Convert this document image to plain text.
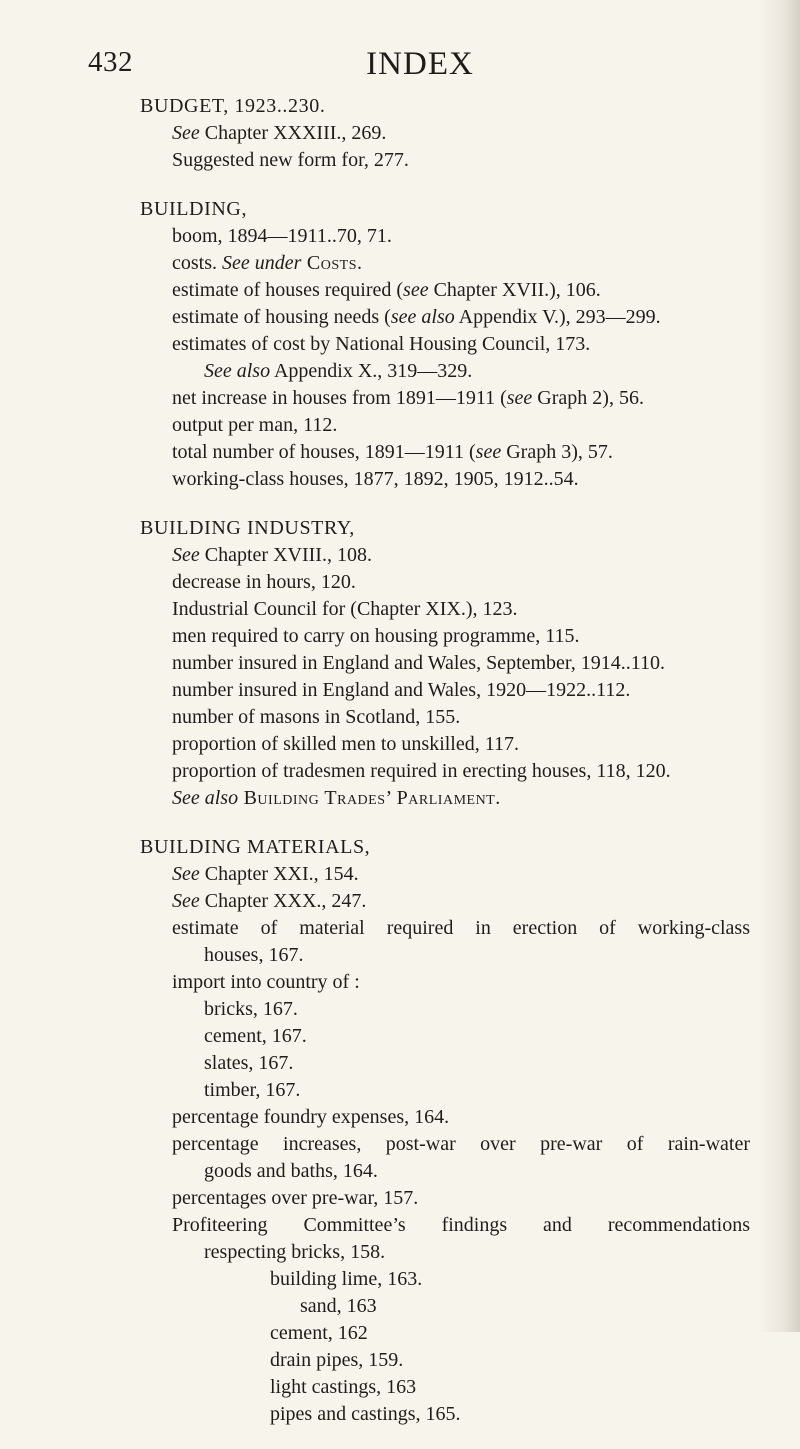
432	INDEX
BUDGET, 1923..230.
See Chapter XXXIII., 269.
Suggested new form for, 277.
BUILDING,
boom, 1894—1911..70, 71.
costs. See under Costs.
estimate of houses required (see Chapter XVII.), 106.
estimate of housing needs (see also Appendix V.), 293—299.
estimates of cost by National Housing Council, 173.
See also Appendix X., 319—329.
net increase in houses from 1891—1911 (see Graph 2), 56.
output per man, 112.
total number of houses, 1891—1911 (see Graph 3), 57.
working-class houses, 1877, 1892, 1905, 1912..54.
BUILDING INDUSTRY,
See Chapter XVIII., 108.
decrease in hours, 120.
Industrial Council for (Chapter XIX.), 123.
men required to carry on housing programme, 115.
number insured in England and Wales, September, 1914..110.
number insured in England and Wales, 1920—1922..112.
number of masons in Scotland, 155.
proportion of skilled men to unskilled, 117.
proportion of tradesmen required in erecting houses, 118, 120.
See also Building Trades’ Parliament.
BUILDING MATERIALS,
See Chapter XXI., 154.
See Chapter XXX., 247.
estimate of material required in erection of working-class
houses, 167.
import into country of :
bricks, 167.
cement, 167.
slates, 167.
timber, 167.
percentage foundry expenses, 164.
percentage increases, post-war over pre-war of rain-water
goods and baths, 164.
percentages over pre-war, 157.
Profiteering Committee’s findings and recommendations
respecting bricks, 158.
building lime, 163.
sand, 163
cement, 162
drain pipes, 159.
light castings, 163
pipes and castings, 165.
